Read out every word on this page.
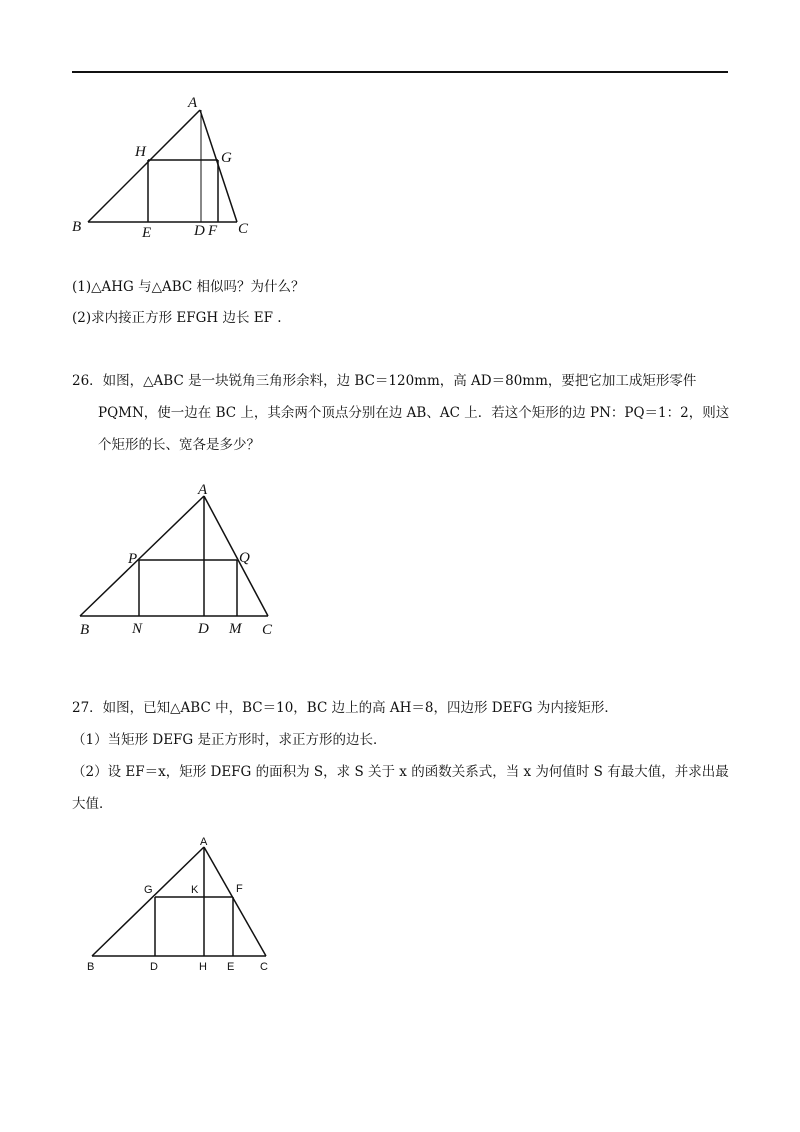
A
H	G
B	E	D F C
(1)△AHG 与△ABC 相似吗？为什么？
(2)求内接正方形 EFGH 边长 EF .
26．如图，△ABC 是一块锐角三角形余料，边 BC＝120mm，高 AD＝80mm，要把它加工成矩形零件
PQMN，使一边在 BC 上，其余两个顶点分别在边 AB、AC 上．若这个矩形的边 PN：PQ＝1：2，则这
个矩形的长、宽各是多少？
A
P	Q
B	N	D M C
27．如图，已知△ABC 中，BC＝10，BC 边上的高 AH＝8，四边形 DEFG 为内接矩形．
（1）当矩形 DEFG 是正方形时，求正方形的边长．
（2）设 EF＝x，矩形 DEFG 的面积为 S，求 S 关于 x 的函数关系式，当 x 为何值时 S 有最大值，并求出最
大值．
A
G	K	F
B	D	H E C
